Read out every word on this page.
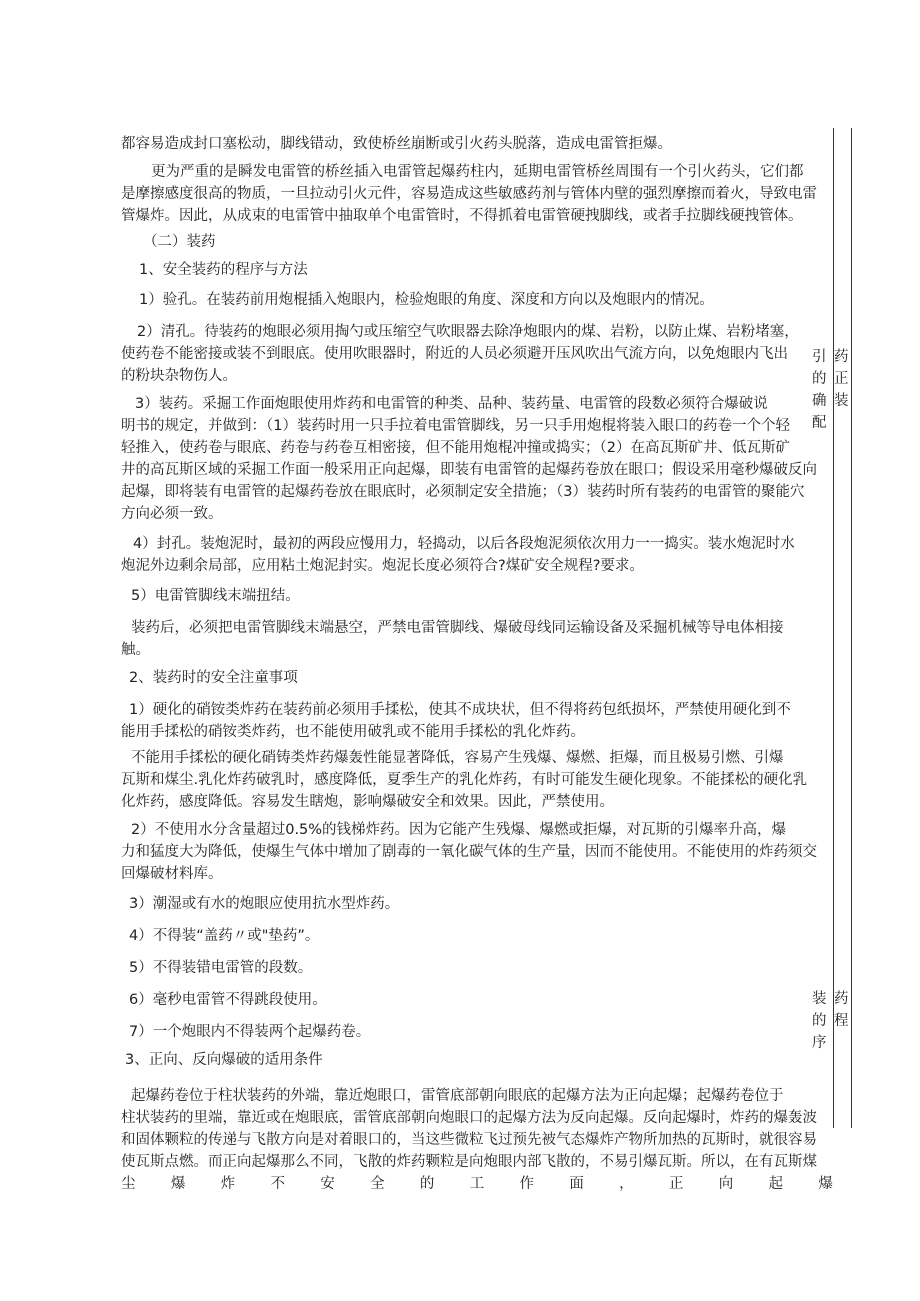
都容易造成封口塞松动，脚线错动，致使桥丝崩断或引火药头脱落，造成电雷管拒爆。
更为严重的是瞬发电雷管的桥丝插入电雷管起爆药柱内，延期电雷管桥丝周围有一个引火药头，它们都
是摩擦感度很高的物质，一旦拉动引火元件，容易造成这些敏感药剂与管体内壁的强烈摩擦而着火，导致电雷
管爆炸。因此，从成束的电雷管中抽取单个电雷管时，不得抓着电雷管硬拽脚线，或者手拉脚线硬拽管体。
（二）装药
1、安全装药的程序与方法
1）验孔。在装药前用炮棍插入炮眼内，检验炮眼的角度、深度和方向以及炮眼内的情况。
2）清孔。待装药的炮眼必须用掏勺或压缩空气吹眼器去除净炮眼内的煤、岩粉，以防止煤、岩粉堵塞，
使药卷不能密接或装不到眼底。使用吹眼器时，附近的人员必须避开压风吹出气流方向，以免炮眼内飞出
的粉块杂物伤人。
3）装药。采掘工作面炮眼使用炸药和电雷管的种类、品种、装药量、电雷管的段数必须符合爆破说
明书的规定，并做到：（1）装药时用一只手拉着电雷管脚线，另一只手用炮棍将装入眼口的药卷一个个轻
轻推入，使药卷与眼底、药卷与药卷互相密接，但不能用炮棍冲撞或捣实；（2）在高瓦斯矿井、低瓦斯矿
井的高瓦斯区域的采掘工作面一般采用正向起爆，即装有电雷管的起爆药卷放在眼口；假设采用毫秒爆破反向
起爆，即将装有电雷管的起爆药卷放在眼底时，必须制定安全措施；（3）装药时所有装药的电雷管的聚能穴
方向必须一致。
4）封孔。装炮泥时，最初的两段应慢用力，轻捣动，以后各段炮泥须依次用力一一捣实。装水炮泥时水
炮泥外边剩余局部，应用粘土炮泥封实。炮泥长度必须符合?煤矿安全规程?要求。
5）电雷管脚线末端扭结。
装药后，必须把电雷管脚线末端悬空，严禁电雷管脚线、爆破母线同运输设备及采掘机械等导电体相接
触。
2、装药时的安全注童事项
1）硬化的硝铵类炸药在装药前必须用手揉松，使其不成块状，但不得将药包纸损坏，严禁使用硬化到不
能用手揉松的硝铵类炸药，也不能使用破乳或不能用手揉松的乳化炸药。
不能用手揉松的硬化硝铸类炸药爆轰性能显著降低，容易产生残爆、爆燃、拒爆，而且极易引燃、引爆
瓦斯和煤尘.乳化炸药破乳时，感度降低，夏季生产的乳化炸药，有时可能发生硬化现象。不能揉松的硬化乳
化炸药，感度降低。容易发生瞎炮，影响爆破安全和效果。因此，严禁使用。
2）不使用水分含量超过0.5%的钱梯炸药。因为它能产生残爆、爆燃或拒爆，对瓦斯的引爆率升高，爆
力和猛度大为降低，使爆生气体中增加了剧毒的一氧化碳气体的生产量，因而不能使用。不能使用的炸药须交
回爆破材料库。
3）潮湿或有水的炮眼应使用抗水型炸药。
4）不得装“盖药〃或"垫药”。
5）不得装错电雷管的段数。
6）毫秒电雷管不得跳段使用。
7）一个炮眼内不得装两个起爆药卷。
3、正向、反向爆破的适用条件
起爆药卷位于柱状装药的外端，靠近炮眼口，雷管底部朝向眼底的起爆方法为正向起爆；起爆药卷位于
柱状装药的里端，靠近或在炮眼底，雷管底部朝向炮眼口的起爆方法为反向起爆。反向起爆时，炸药的爆轰波
和固体颗粒的传递与飞散方向是对着眼口的，当这些微粒飞过预先被气态爆炸产物所加热的瓦斯时，就很容易
使瓦斯点燃。而正向起爆那么不同，飞散的炸药颗粒是向炮眼内部飞散的，不易引爆瓦斯。所以，在有瓦斯煤
尘 爆 炸 不 安 全 的 工 作 面 ， 正 向 起 爆
引
的
确
配
药
正
装
装
的
序
药
程
